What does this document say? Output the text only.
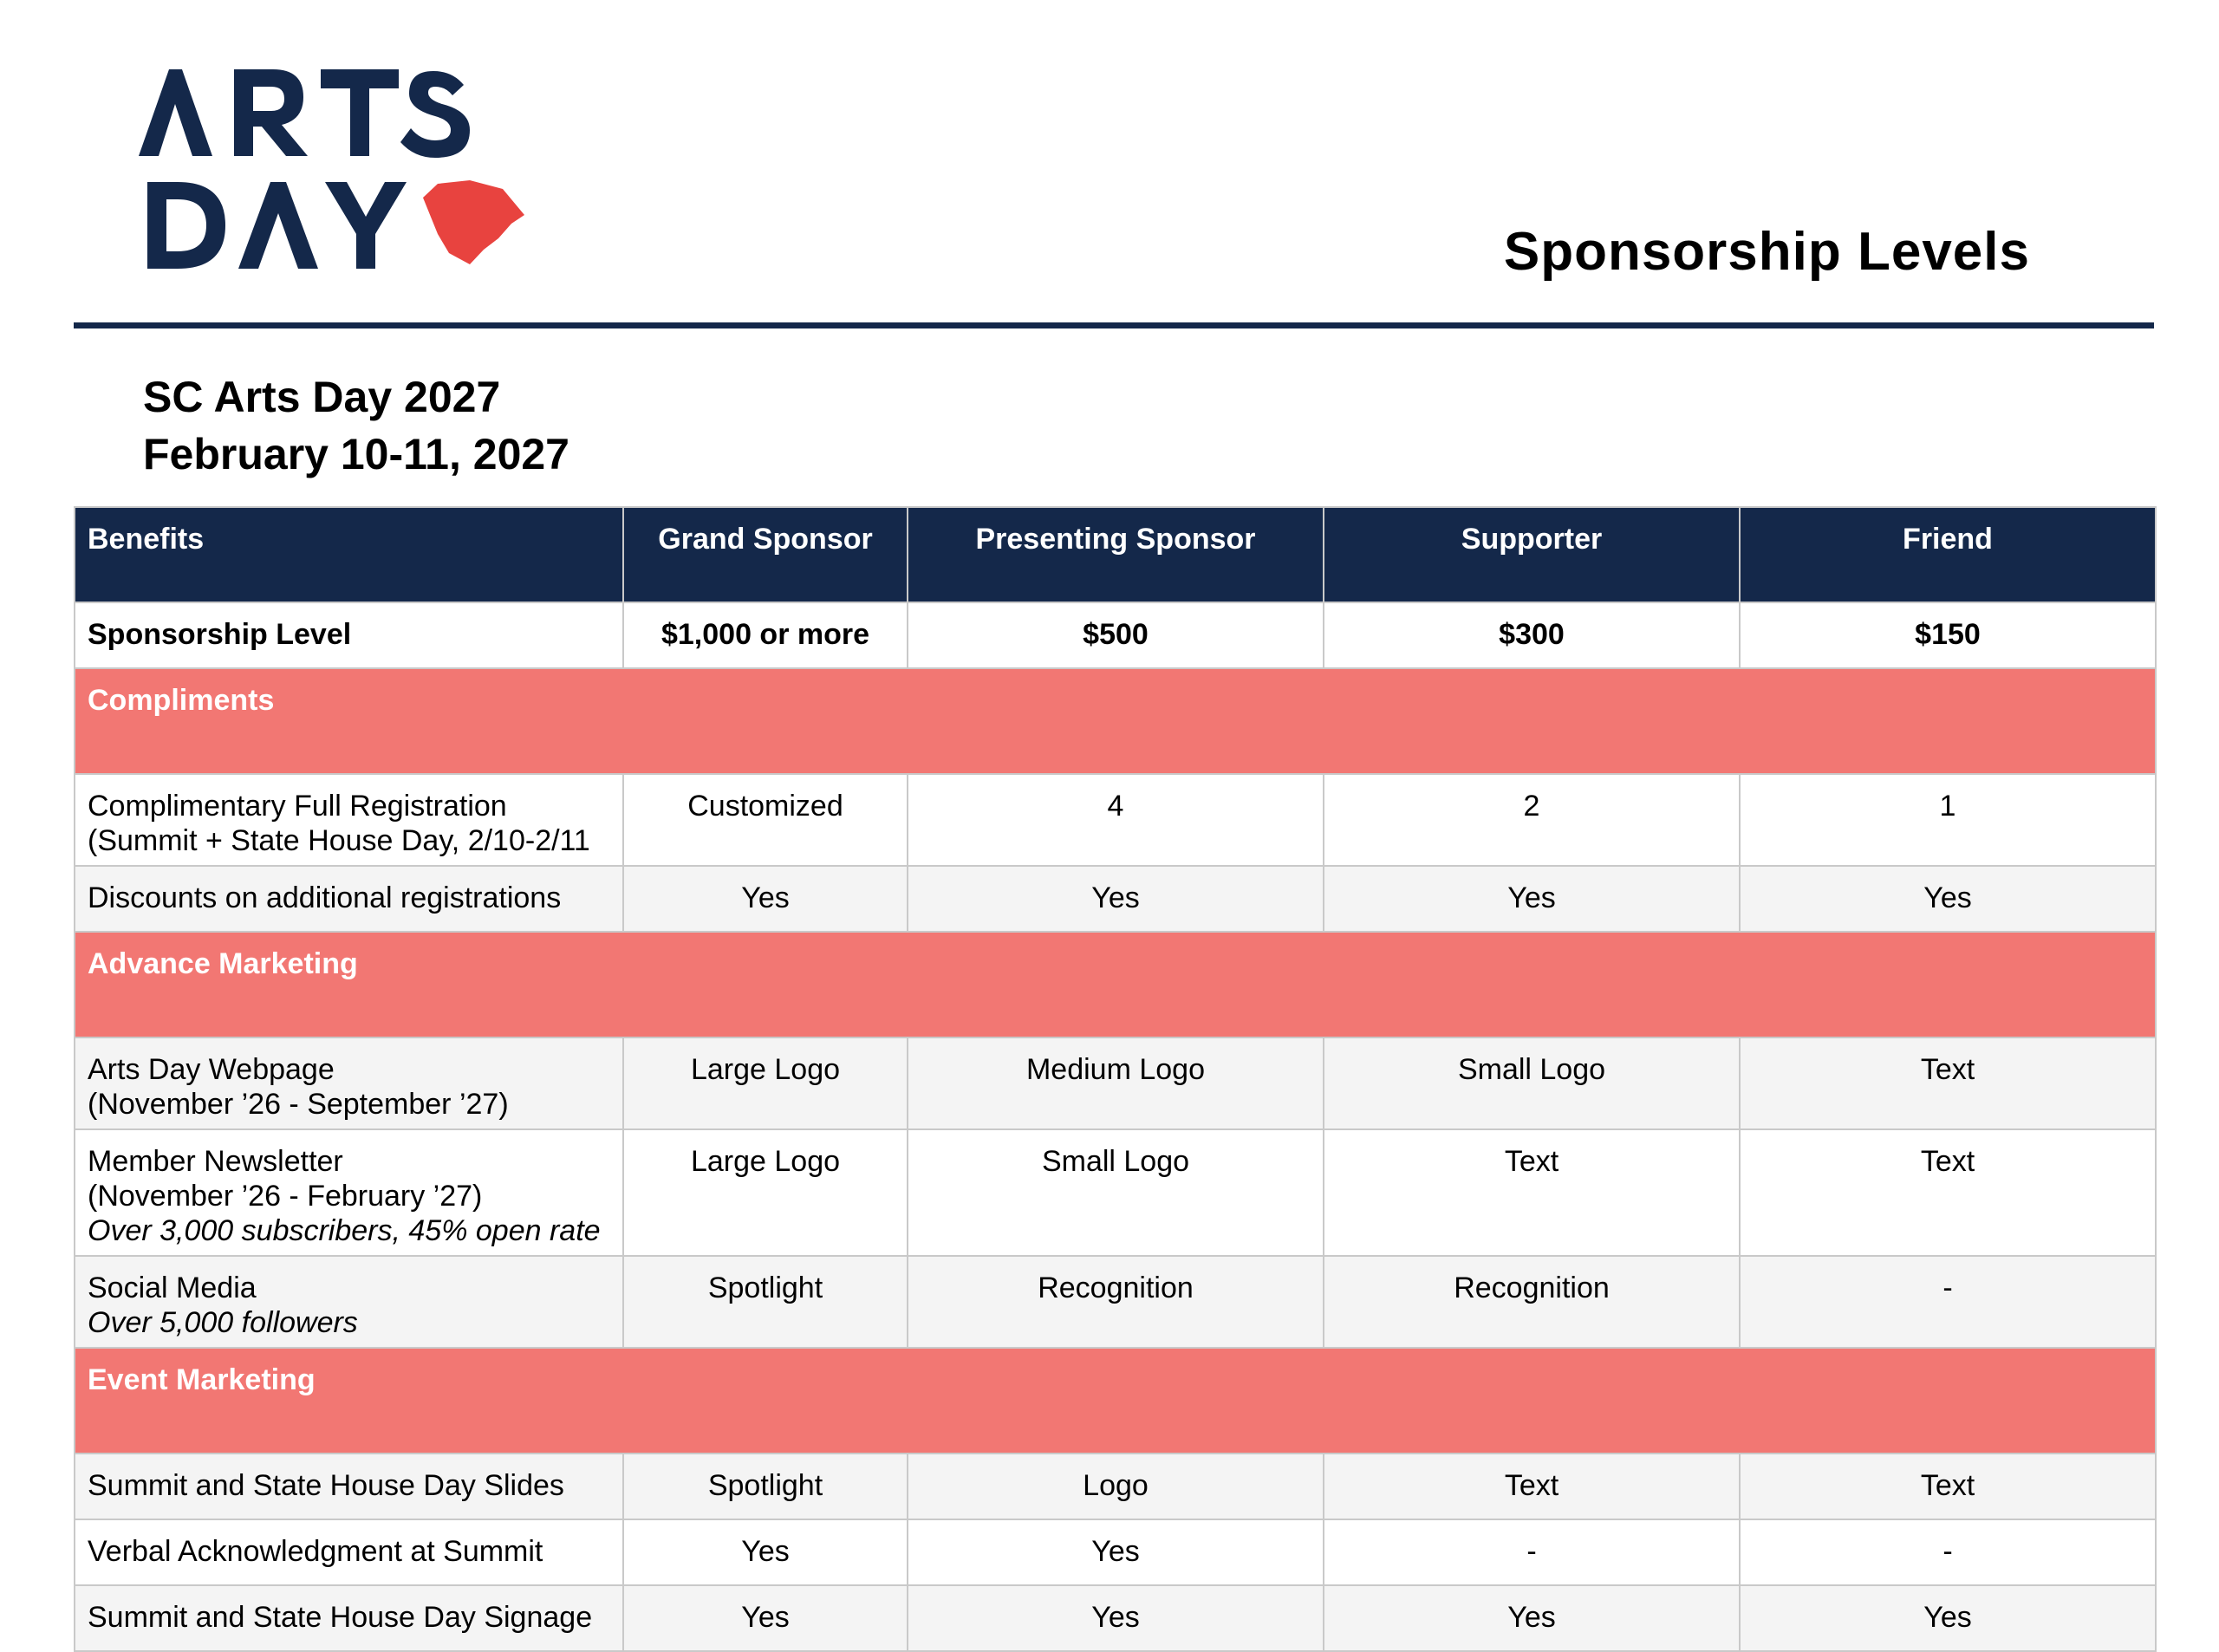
Sponsorship Levels
SC Arts Day 2027
February 10-11, 2027
Benefits	Grand Sponsor	Presenting Sponsor	Supporter	Friend
Sponsorship Level	$1,000 or more	$500	$300	$150
Compliments				
Complimentary Full Registration (Summit + State House Day, 2/10-2/11	Customized	4	2	1
Discounts on additional registrations	Yes	Yes	Yes	Yes
Advance Marketing				
Arts Day Webpage
(November ’26 - September ’27)	Large Logo	Medium Logo	Small Logo	Text
Member Newsletter
(November ’26 - February ’27)
Over 3,000 subscribers, 45% open rate	Large Logo	Small Logo	Text	Text
Social Media
Over 5,000 followers	Spotlight	Recognition	Recognition	-
Event Marketing				
Summit and State House Day Slides	Spotlight	Logo	Text	Text
Verbal Acknowledgment at Summit	Yes	Yes	-	-
Summit and State House Day Signage	Yes	Yes	Yes	Yes
